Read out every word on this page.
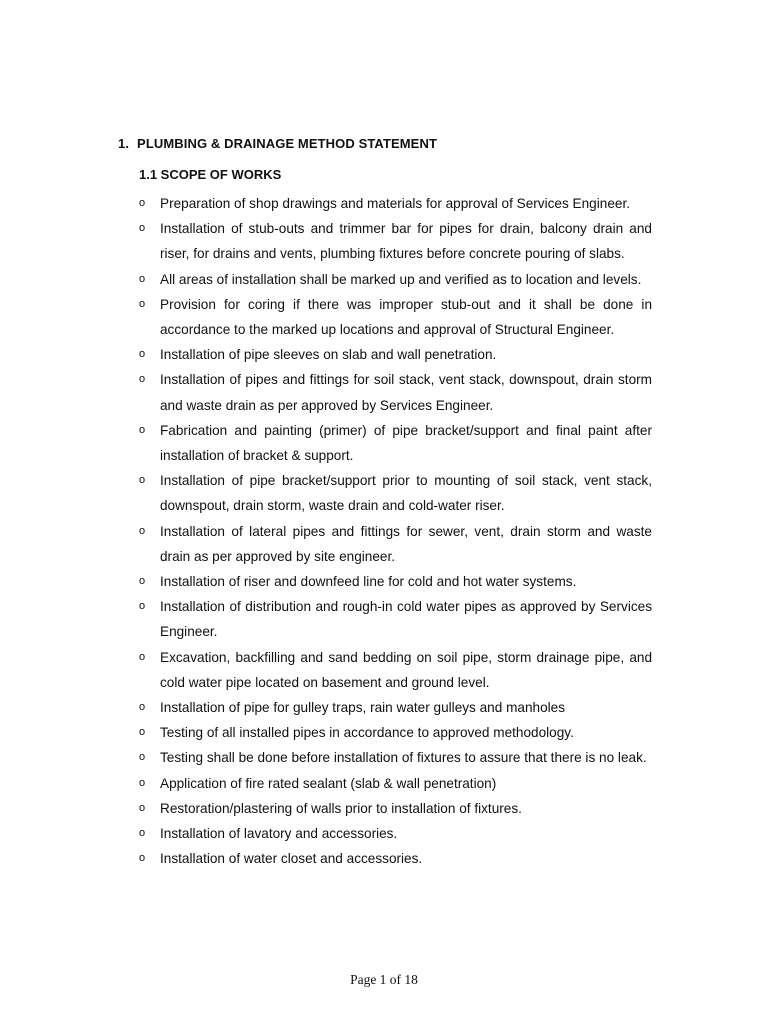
1. PLUMBING & DRAINAGE METHOD STATEMENT
1.1 SCOPE OF WORKS
o Preparation of shop drawings and materials for approval of Services Engineer.
o Installation of stub-outs and trimmer bar for pipes for drain, balcony drain and riser, for drains and vents, plumbing fixtures before concrete pouring of slabs.
o All areas of installation shall be marked up and verified as to location and levels.
o Provision for coring if there was improper stub-out and it shall be done in accordance to the marked up locations and approval of Structural Engineer.
o Installation of pipe sleeves on slab and wall penetration.
o Installation of pipes and fittings for soil stack, vent stack, downspout, drain storm and waste drain as per approved by Services Engineer.
o Fabrication and painting (primer) of pipe bracket/support and final paint after installation of bracket & support.
o Installation of pipe bracket/support prior to mounting of soil stack, vent stack, downspout, drain storm, waste drain and cold-water riser.
o Installation of lateral pipes and fittings for sewer, vent, drain storm and waste drain as per approved by site engineer.
o Installation of riser and downfeed line for cold and hot water systems.
o Installation of distribution and rough-in cold water pipes as approved by Services Engineer.
o Excavation, backfilling and sand bedding on soil pipe, storm drainage pipe, and cold water pipe located on basement and ground level.
o Installation of pipe for gulley traps, rain water gulleys and manholes
o Testing of all installed pipes in accordance to approved methodology.
o Testing shall be done before installation of fixtures to assure that there is no leak.
o Application of fire rated sealant (slab & wall penetration)
o Restoration/plastering of walls prior to installation of fixtures.
o Installation of lavatory and accessories.
o Installation of water closet and accessories.
Page 1 of 18
